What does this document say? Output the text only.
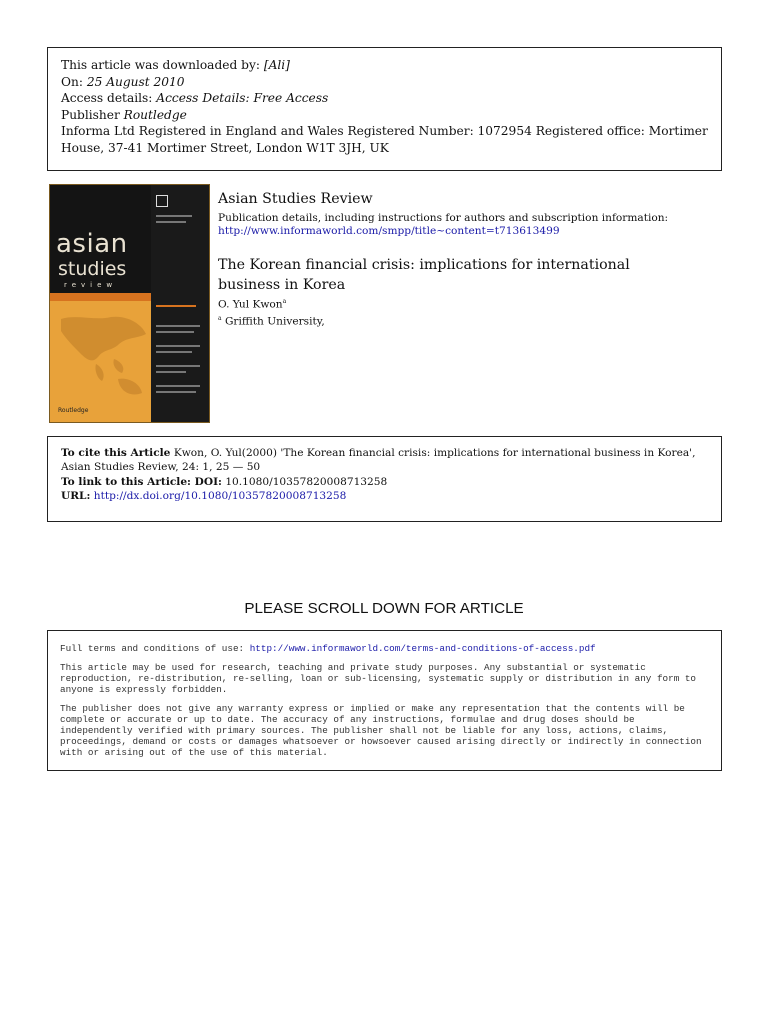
This article was downloaded by: [Ali]
On: 25 August 2010
Access details: Access Details: Free Access
Publisher Routledge
Informa Ltd Registered in England and Wales Registered Number: 1072954 Registered office: Mortimer House, 37-41 Mortimer Street, London W1T 3JH, UK
asian
studies
review
Routledge
Asian Studies Review
Publication details, including instructions for authors and subscription information:
http://www.informaworld.com/smpp/title~content=t713613499
The Korean financial crisis: implications for international business in Korea
O. Yul Kwon$^a$
$^a$ Griffith University,
To cite this Article Kwon, O. Yul(2000) 'The Korean financial crisis: implications for international business in Korea', Asian Studies Review, 24: 1, 25 — 50
To link to this Article: DOI: 10.1080/10357820008713258
URL: http://dx.doi.org/10.1080/10357820008713258
PLEASE SCROLL DOWN FOR ARTICLE

Full terms and conditions of use: http://www.informaworld.com/terms-and-conditions-of-access.pdf

This article may be used for research, teaching and private study purposes. Any substantial or systematic reproduction, re-distribution, re-selling, loan or sub-licensing, systematic supply or distribution in any form to anyone is expressly forbidden.

The publisher does not give any warranty express or implied or make any representation that the contents will be complete or accurate or up to date. The accuracy of any instructions, formulae and drug doses should be independently verified with primary sources. The publisher shall not be liable for any loss, actions, claims, proceedings, demand or costs or damages whatsoever or howsoever caused arising directly or indirectly in connection with or arising out of the use of this material.
